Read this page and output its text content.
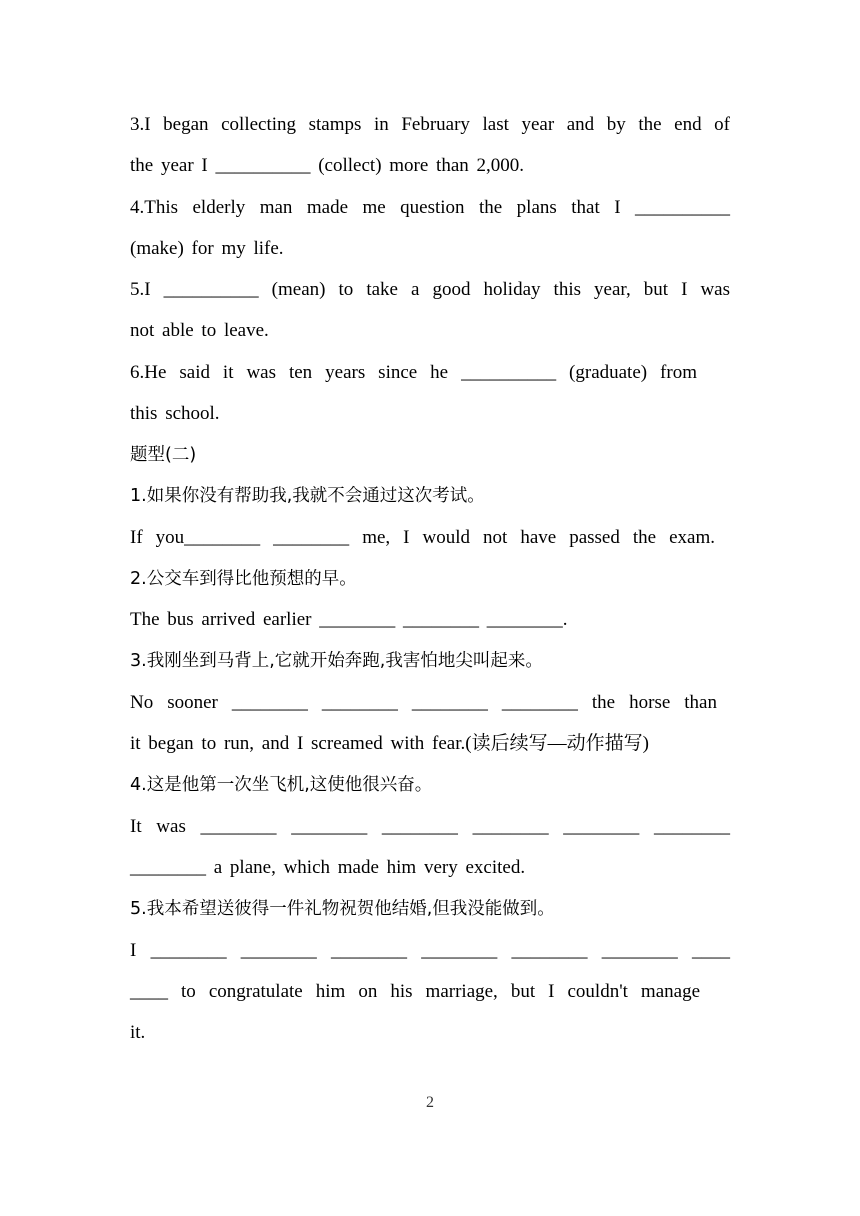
3.I began collecting stamps in February last year and by the end of
the year I __________ (collect) more than 2,000.
4.This elderly man made me question the plans that I __________
(make) for my life.
5.I __________ (mean) to take a good holiday this year, but I was
not able to leave.
6.He said it was ten years since he __________ (graduate) from
this school.
题型(二)
1.如果你没有帮助我,我就不会通过这次考试。
If you________ ________ me, I would not have passed the exam.
2.公交车到得比他预想的早。
The bus arrived earlier ________ ________ ________.
3.我刚坐到马背上,它就开始奔跑,我害怕地尖叫起来。
No sooner ________ ________ ________ ________ the horse than
it began to run, and I screamed with fear.(读后续写—动作描写)
4.这是他第一次坐飞机,这使他很兴奋。
It was ________ ________ ________ ________ ________ ________
________ a plane, which made him very excited.
5.我本希望送彼得一件礼物祝贺他结婚,但我没能做到。
I ________ ________ ________ ________ ________ ________ ____
____ to congratulate him on his marriage, but I couldn't manage
it.
2
